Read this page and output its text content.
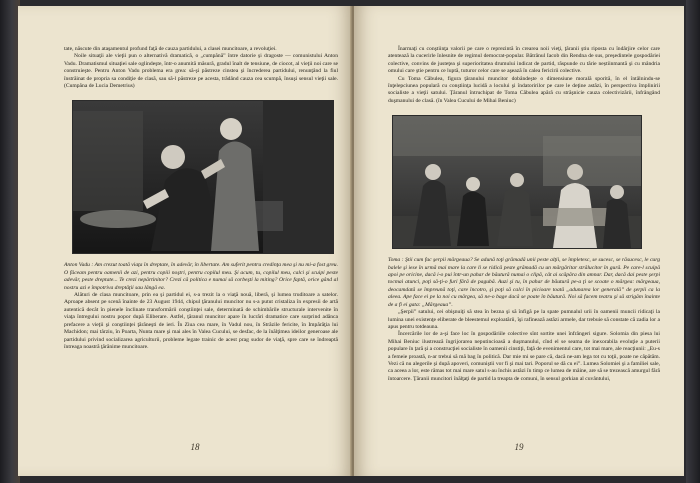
tate, născute din ataşamentul profund faţă de cauza partidului, a clasei muncitoare, a revoluţiei.

Noile situaţii ale vieţii pun o alternativă dramatică, o „cumpănă” între datorie şi dragoste — comunistului Anton Vadu. Dramatismul situaţiei sale oglindeşte, într-o anumită măsură, gradul înalt de tensiune, de ciocot, al vieţii noi care se construieşte. Pentru Anton Vadu problema era grea: să-şi păstreze cinstea şi încrederea partidului, renunţând la fiul înstrăinat de propria sa condiţie de clasă, sau să-l păstreze pe acesta, trădând cauza cea scumpă, însuşi sensul vieţii sale. (Cumpăna de Lucia Demetrius)

Anton Vadu : Am crezut toată viaţa în dreptate, în adevăr, în libertate. Am suferit pentru credinţa mea şi nu mi-a fost greu. O făceam pentru oamenii de azi, pentru copiii noştri, pentru copilul meu. Şi acum, tu, copilul meu, calci şi scuipi peste adevăr, peste dreptate... Te crezi nepărtinitor? Crezi că politica e numai să corbeşti la miting? Orice faptă, orice gând al nostru azi e împotriva dreptăţii sau lângă ea.

Alături de clasa muncitoare, prin ea şi partidul ei, s-a trezit la o viaţă nouă, liberă, şi lumea truditoare a satelor. Aproape absent pe scenă înainte de 23 August 1944, chipul ţăranului muncitor nu s-a putut cristaliza în expresii de artă autentică decât în pienele înclinate transformării conştiinţei sale, determinată de schimbările structurale intervenite în viaţa întregului nostru popor după Eliberare. Astfel, ţăranul muncitor apare în lucrări dramatice care surprind adânca prefacere a vieţii şi conştiinţei ţărăneşti de ieri. În Ziua cea mare, în Vadul nou, în Străzile fericite, în Impărăţia lui Machidon; mai târziu, în Poarta, Nunta mare şi mai ales în Valea Cucului, se desfac, de la înălţimea ideilor generoase ale partidului privind socializarea agriculturii, probleme legate trainic de acest prag sudor de viaţă, spre care se îndreaptă întreaga noastră ţărănime muncitoare.

18

Înarmaţi cu conştiinţa valorii pe care o reprezintă în crearea noii vieţi, ţăranii ştiu riposta cu îndârjire celor care atentează la cucerirle înlesnite de regimul democrat-popular. Bătrânul Iacob din Rendna de sus, preşedintele gospodăriei colective, convins de justeţea şi superioritatea drumului indicat de partid, răspunde cu tărie neștiinmantă şi cu mândria omului care ştie pentru ce luptă, tuturor celor care se aşează în calea fericirii colective.

Cu Toma Căbulea, figura ţăranului muncitor dobândeşte o dimensiune morală sporită, în el întâlnindu-se înţelepciunea populară cu conştiinţa lucidă a locului şi îndatoririlor pe care le deţine astăzi, în perspectiva împlinirii socialiste a vieţii satului. Ţăranul întruchipat de Toma Căbulea apără cu străşnicie cauza colectivizării, înfrângând duşmanului de clasă. (în Valea Cucului de Mihai Beniuc)

Toma : Ştii cum fac şerpii mărgeaua? Se adună toţi grămadă unii peste alţii, se împletesc, se sucesc, se răsucesc, le curg balele şi iese în urmă mai mare la care li se ridică peste grămadă cu un mărgăritar strălucitor în gură. Pe care-l scuipă apoi pe oricine, dacă i-o pui într-un pahar de băutură numai o clipă, cât ai scăpăra din amnar. Dar, dacă dai peste şerpi tocmai atunci, poţi să-ţi-o furi fără de pagubă. Auzi şi tu, în pahar de băutură pe-a ţi se scoate o mărgea: mărgeaua, deocamdată se împreună toţi, care încotro, şi poţi să calci în picioare toată „adunarea lor generală” de şerpii ca la aleea. Ape face ei pe la noi cu mărgea, să ne-o bage dacă se poate în băutură. Noi să facem teatru şi să strigăm înainte de a fi ei gata: „Mărgeaua”.

„Şerpii” satului, cei obişnuiţi să stea în bezna şi să înfigă pe la spate pumnalul urii în oamenii muncii ridicaţi la lumina unei existenţe eliberate de bleestemul exploatării, îşi rafinează astăzi armele, dar trebuie să constate că zadia lor a apus pentru totdeauna.

Încercările lor de a-şi face loc în gospodăriile colective sînt sortite unei înfrângeri sigure. Solomia din piesa lui Mihai Beniuc ilustrează îngrijorarea neputincioasă a duşmanului, cînd el se seama de inexorabila evoluţie a puterii populare în ţară şi a construcţiei socialiste în oamenii cinstiţi, faţă de evenimentul care, tot mai mare, ale reacţiunii: „Eu-s a femeie proastă, n-ar trebui să mă bag în politică. Dar mie mi se pare că, dacă ne-am lega tot cu toţii, poate ne căpătăm. Vezi că nu alegerile şi după apoveri, comuniştii vor fi şi mai tari. Poporul se dă cu ei”. Lumea Solomiei şi a familiei sale, ca aceea a lor, este rămas tot mai mare satul s-au închis astăzi în timp ce lumea de mâine, are să se trezească amurgul fără întoarcere. Ţăranii muncitori înălţaţi de partid la treapta de comuni, în sensul gorkian al cuvântului,

19
